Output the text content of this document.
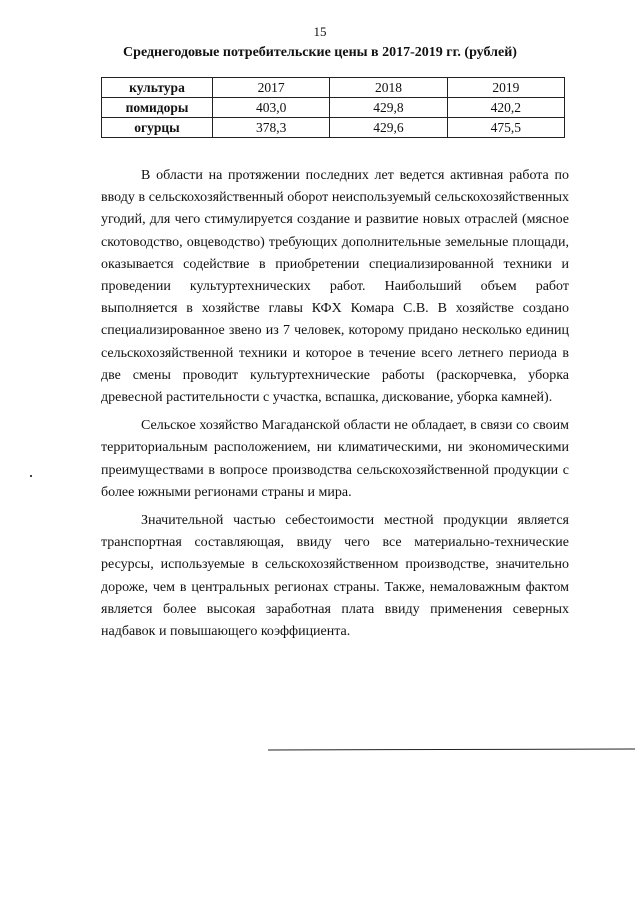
15
Среднегодовые потребительские цены в 2017-2019 гг. (рублей)
культура	2017	2018	2019
помидоры	403,0	429,8	420,2
огурцы	378,3	429,6	475,5

В области на протяжении последних лет ведется активная работа по вводу в сельскохозяйственный оборот неиспользуемый сельскохозяйственных угодий, для чего стимулируется создание и развитие новых отраслей (мясное скотоводство, овцеводство) требующих дополнительные земельные площади, оказывается содействие в приобретении специализированной техники и проведении культуртехнических работ. Наибольший объем работ выполняется в хозяйстве главы КФХ Комара С.В. В хозяйстве создано специализированное звено из 7 человек, которому придано несколько единиц сельскохозяйственной техники и которое в течение всего летнего периода в две смены проводит культуртехнические работы (раскорчевка, уборка древесной растительности с участка, вспашка, дискование, уборка камней).

Сельское хозяйство Магаданской области не обладает, в связи со своим территориальным расположением, ни климатическими, ни экономическими преимуществами в вопросе производства сельскохозяйственной продукции с более южными регионами страны и мира.

Значительной частью себестоимости местной продукции является транспортная составляющая, ввиду чего все материально-технические ресурсы, используемые в сельскохозяйственном производстве, значительно дороже, чем в центральных регионах страны. Также, немаловажным фактом является более высокая заработная плата ввиду применения северных надбавок и повышающего коэффициента.
